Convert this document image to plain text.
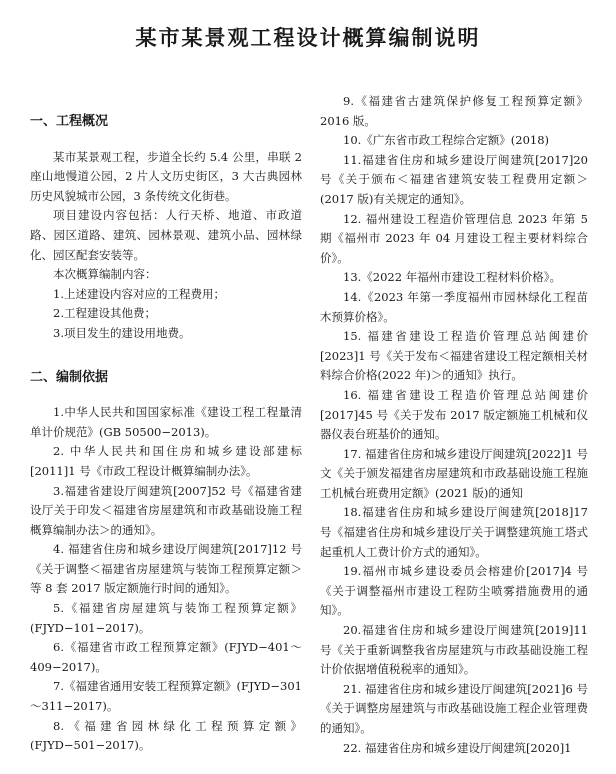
某市某景观工程设计概算编制说明
一、工程概况
某市某景观工程，步道全长约 5.4 公里，串联 2 座山地慢道公园，2 片人文历史街区，3 大古典园林历史风貌城市公园，3 条传统文化街巷。
项目建设内容包括：人行天桥、地道、市政道路、园区道路、建筑、园林景观、建筑小品、园林绿化、园区配套安装等。
本次概算编制内容：
1.上述建设内容对应的工程费用；
2.工程建设其他费；
3.项目发生的建设用地费。
二、编制依据
1.中华人民共和国国家标准《建设工程工程量清单计价规范》(GB 50500−2013)。
2. 中华人民共和国住房和城乡建设部建标[2011]1 号《市政工程设计概算编制办法》。
3.福建省建设厅闽建筑[2007]52 号《福建省建设厅关于印发＜福建省房屋建筑和市政基础设施工程概算编制办法＞的通知》。
4. 福建省住房和城乡建设厅闽建筑[2017]12 号《关于调整＜福建省房屋建筑与装饰工程预算定额＞等 8 套 2017 版定额施行时间的通知》。
5.《福建省房屋建筑与装饰工程预算定额》(FJYD−101−2017)。
6.《福建省市政工程预算定额》(FJYD−401～409−2017)。
7.《福建省通用安装工程预算定额》(FJYD−301～311−2017)。
8.《福建省园林绿化工程预算定额》(FJYD−501−2017)。
9.《福建省古建筑保护修复工程预算定额》2016 版。
10.《广东省市政工程综合定额》(2018)
11.福建省住房和城乡建设厅闽建筑[2017]20 号《关于颁布＜福建省建筑安装工程费用定额＞(2017 版)有关规定的通知》。
12. 福州建设工程造价管理信息 2023 年第 5 期《福州市 2023 年 04 月建设工程主要材料综合价》。
13.《2022 年福州市建设工程材料价格》。
14.《2023 年第一季度福州市园林绿化工程苗木预算价格》。
15. 福建省建设工程造价管理总站闽建价[2023]1 号《关于发布＜福建省建设工程定额相关材料综合价格(2022 年)＞的通知》执行。
16. 福建省建设工程造价管理总站闽建价[2017]45 号《关于发布 2017 版定额施工机械和仪器仪表台班基价的通知。
17. 福建省住房和城乡建设厅闽建筑[2022]1 号文《关于颁发福建省房屋建筑和市政基础设施工程施工机械台班费用定额》(2021 版)的通知
18.福建省住房和城乡建设厅闽建筑[2018]17 号《福建省住房和城乡建设厅关于调整建筑施工塔式起重机人工费计价方式的通知》。
19.福州市城乡建设委员会榕建价[2017]4 号《关于调整福州市建设工程防尘喷雾措施费用的通知》。
20.福建省住房和城乡建设厅闽建筑[2019]11 号《关于重新调整我省房屋建筑与市政基础设施工程计价依据增值税税率的通知》。
21. 福建省住房和城乡建设厅闽建筑[2021]6 号《关于调整房屋建筑与市政基础设施工程企业管理费的通知》。
22. 福建省住房和城乡建设厅闽建筑[2020]1
